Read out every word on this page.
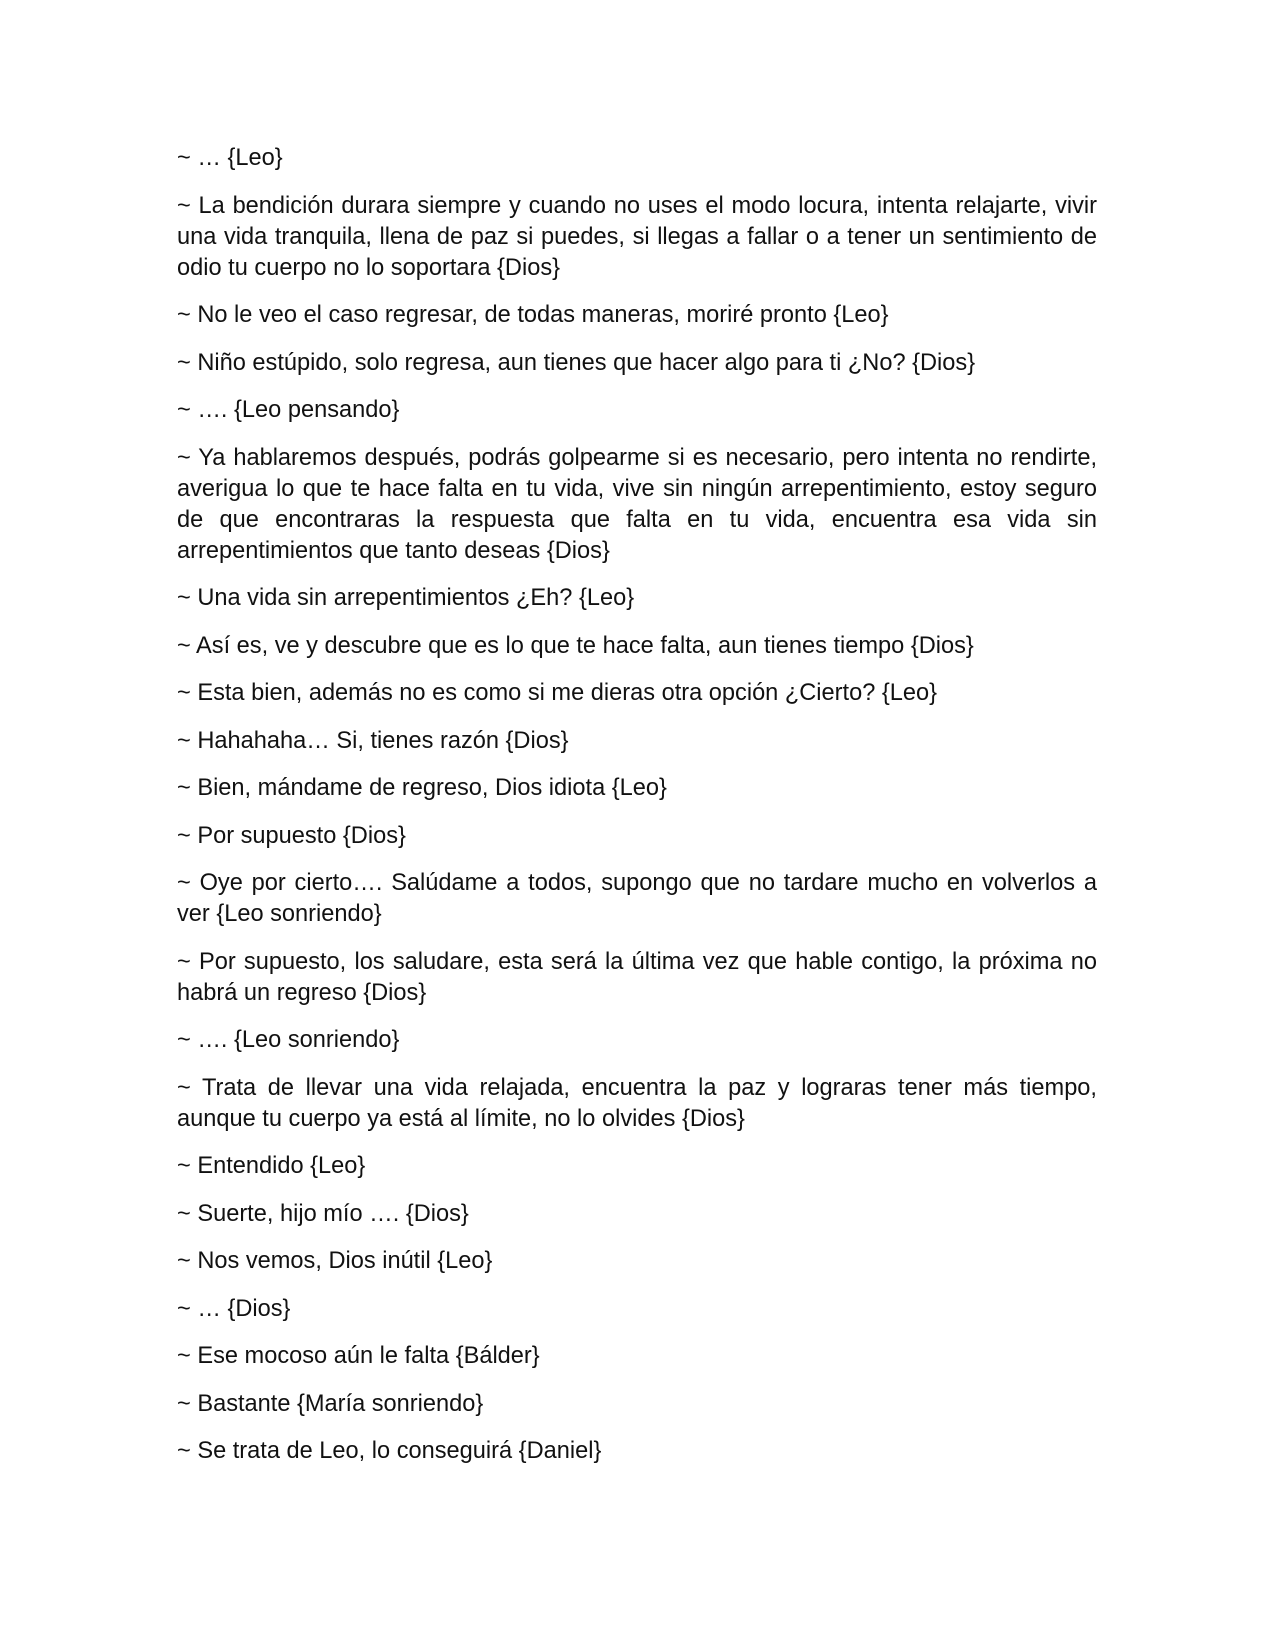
~ … {Leo}

~ La bendición durara siempre y cuando no uses el modo locura, intenta relajarte, vivir una vida tranquila, llena de paz si puedes, si llegas a fallar o a tener un sentimiento de odio tu cuerpo no lo soportara {Dios}

~ No le veo el caso regresar, de todas maneras, moriré pronto {Leo}

~ Niño estúpido, solo regresa, aun tienes que hacer algo para ti ¿No? {Dios}

~ …. {Leo pensando}

~ Ya hablaremos después, podrás golpearme si es necesario, pero intenta no rendirte, averigua lo que te hace falta en tu vida, vive sin ningún arrepentimiento, estoy seguro de que encontraras la respuesta que falta en tu vida, encuentra esa vida sin arrepentimientos que tanto deseas {Dios}

~ Una vida sin arrepentimientos ¿Eh? {Leo}

~ Así es, ve y descubre que es lo que te hace falta, aun tienes tiempo {Dios}

~ Esta bien, además no es como si me dieras otra opción ¿Cierto? {Leo}

~ Hahahaha… Si, tienes razón {Dios}

~ Bien, mándame de regreso, Dios idiota {Leo}

~ Por supuesto {Dios}

~ Oye por cierto…. Salúdame a todos, supongo que no tardare mucho en volverlos a ver {Leo sonriendo}

~ Por supuesto, los saludare, esta será la última vez que hable contigo, la próxima no habrá un regreso {Dios}

~ …. {Leo sonriendo}

~ Trata de llevar una vida relajada, encuentra la paz y lograras tener más tiempo, aunque tu cuerpo ya está al límite, no lo olvides {Dios}

~ Entendido {Leo}

~ Suerte, hijo mío …. {Dios}

~ Nos vemos, Dios inútil {Leo}

~ … {Dios}

~ Ese mocoso aún le falta {Bálder}

~ Bastante {María sonriendo}

~ Se trata de Leo, lo conseguirá {Daniel}
